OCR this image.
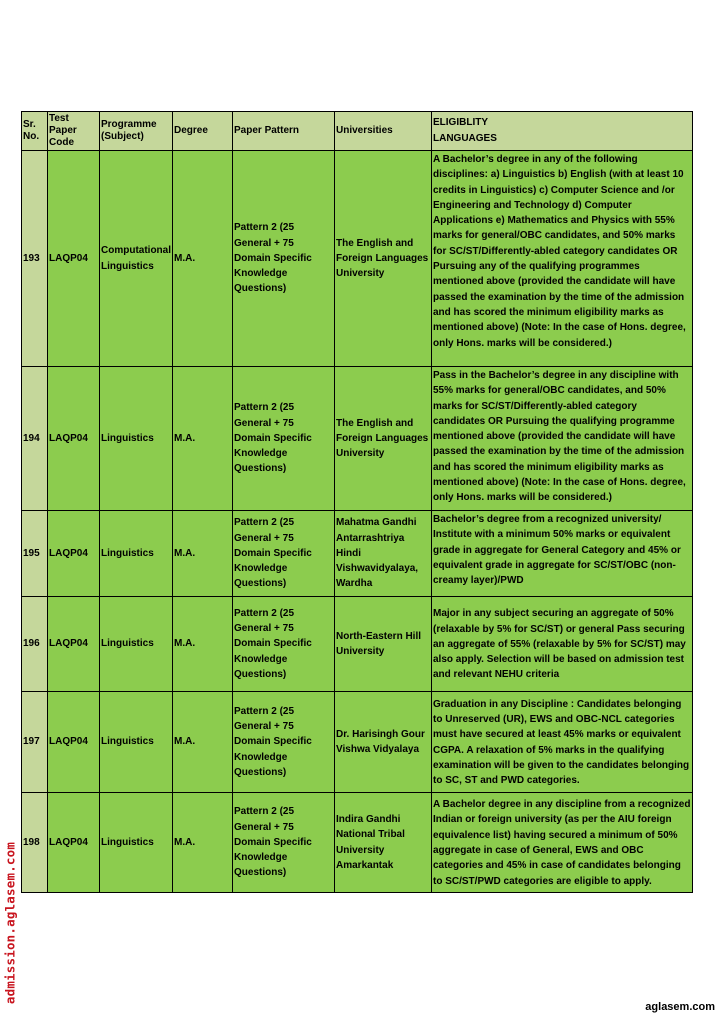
Sr. No.	Test Paper Code	Programme (Subject)	Degree	Paper Pattern	Universities	ELIGIBLITY
LANGUAGES

193	LAQP04	Computational Linguistics	M.A.	Pattern 2 (25 General + 75 Domain Specific Knowledge Questions)	The English and Foreign Languages University	A Bachelor’s degree in any of the following disciplines: a) Linguistics b) English (with at least 10 credits in Linguistics) c) Computer Science and /or Engineering and Technology d) Computer Applications e) Mathematics and Physics with 55% marks for general/OBC candidates, and 50% marks for SC/ST/Differently-abled category candidates OR Pursuing any of the qualifying programmes mentioned above (provided the candidate will have passed the examination by the time of the admission and has scored the minimum eligibility marks as mentioned above) (Note: In the case of Hons. degree, only Hons. marks will be considered.)
194	LAQP04	Linguistics	M.A.	Pattern 2 (25 General + 75 Domain Specific Knowledge Questions)	The English and Foreign Languages University	Pass in the Bachelor’s degree in any discipline with 55% marks for general/OBC candidates, and 50% marks for SC/ST/Differently-abled category candidates OR Pursuing the qualifying programme mentioned above (provided the candidate will have passed the examination by the time of the admission and has scored the minimum eligibility marks as mentioned above) (Note: In the case of Hons. degree, only Hons. marks will be considered.)
195	LAQP04	Linguistics	M.A.	Pattern 2 (25 General + 75 Domain Specific Knowledge Questions)	Mahatma Gandhi Antarrashtriya Hindi Vishwavidyalaya, Wardha	Bachelor’s degree from a recognized university/ Institute with a minimum 50% marks or equivalent grade in aggregate for General Category and 45% or equivalent grade in aggregate for SC/ST/OBC (non-creamy layer)/PWD
196	LAQP04	Linguistics	M.A.	Pattern 2 (25 General + 75 Domain Specific Knowledge Questions)	North-Eastern Hill University	Major in any subject securing an aggregate of 50% (relaxable by 5% for SC/ST) or general Pass securing an aggregate of 55% (relaxable by 5% for SC/ST) may also apply. Selection will be based on admission test and relevant NEHU criteria
197	LAQP04	Linguistics	M.A.	Pattern 2 (25 General + 75 Domain Specific Knowledge Questions)	Dr. Harisingh Gour Vishwa Vidyalaya	Graduation in any Discipline : Candidates belonging to Unreserved (UR), EWS and OBC-NCL categories must have secured at least 45% marks or equivalent CGPA. A relaxation of 5% marks in the qualifying examination will be given to the candidates belonging to SC, ST and PWD categories.
198	LAQP04	Linguistics	M.A.	Pattern 2 (25 General + 75 Domain Specific Knowledge Questions)	Indira Gandhi National Tribal University Amarkantak	A Bachelor degree in any discipline from a recognized Indian or foreign university (as per the AIU foreign equivalence list) having secured a minimum of 50% aggregate in case of General, EWS and OBC categories and 45% in case of candidates belonging to SC/ST/PWD categories are eligible to apply.
admission.aglasem.com
aglasem.com
